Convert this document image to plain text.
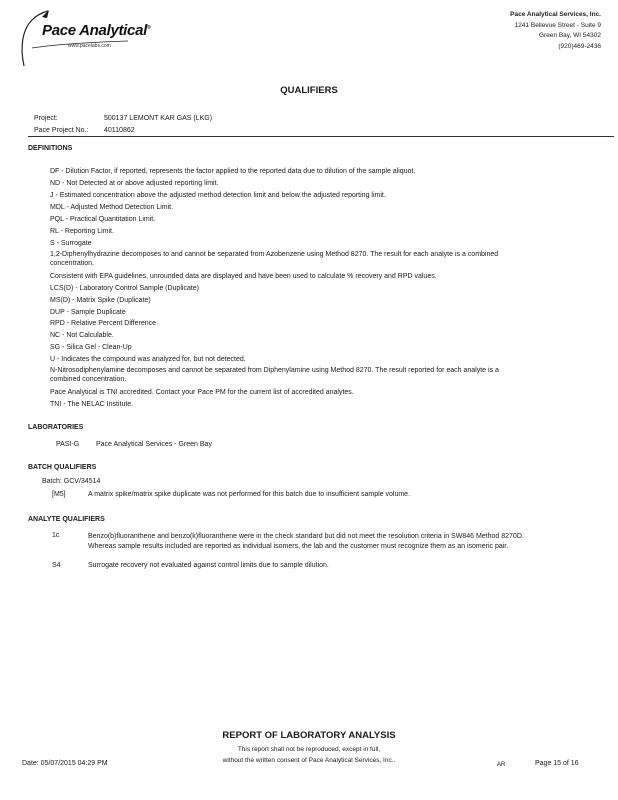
Pace Analytical®
www.pacelabs.com
Pace Analytical Services, Inc.
1241 Bellevue Street - Suite 9
Green Bay, WI 54302
(920)469-2436
QUALIFIERS
Project:	500137 LEMONT KAR GAS (LKG)
Pace Project No.: 40110862
DEFINITIONS
DF - Dilution Factor, if reported, represents the factor applied to the reported data due to dilution of the sample aliquot.
ND - Not Detected at or above adjusted reporting limit.
J - Estimated concentration above the adjusted method detection limit and below the adjusted reporting limit.
MDL - Adjusted Method Detection Limit.
PQL - Practical Quantitation Limit.
RL - Reporting Limit.
S - Surrogate
1,2-Diphenylhydrazine decomposes to and cannot be separated from Azobenzene using Method 8270. The result for each analyte is a combined concentration.
Consistent with EPA guidelines, unrounded data are displayed and have been used to calculate % recovery and RPD values.
LCS(D) - Laboratory Control Sample (Duplicate)
MS(D) - Matrix Spike (Duplicate)
DUP - Sample Duplicate
RPD - Relative Percent Difference
NC - Not Calculable.
SG - Silica Gel - Clean-Up
U - Indicates the compound was analyzed for, but not detected.
N-Nitrosodiphenylamine decomposes and cannot be separated from Diphenylamine using Method 8270. The result reported for each analyte is a combined concentration.
Pace Analytical is TNI accredited. Contact your Pace PM for the current list of accredited analytes.
TNI - The NELAC Institute.
LABORATORIES
PASI-G Pace Analytical Services - Green Bay
BATCH QUALIFIERS
Batch: GCV/34514
[M5]	A matrix spike/matrix spike duplicate was not performed for this batch due to insufficient sample volume.
ANALYTE QUALIFIERS
1c	Benzo(b)fluoranthene and benzo(k)fluoranthene were in the check standard but did not meet the resolution criteria in SW846 Method 8270D. Whereas sample results included are reported as individual isomers, the lab and the customer must recognize them as an isomeric pair.
S4	Surrogate recovery not evaluated against control limits due to sample dilution.
REPORT OF LABORATORY ANALYSIS
This report shall not be reproduced, except in full,
without the written consent of Pace Analytical Services, Inc..
Date: 05/07/2015 04:29 PM	AR	Page 15 of 16
